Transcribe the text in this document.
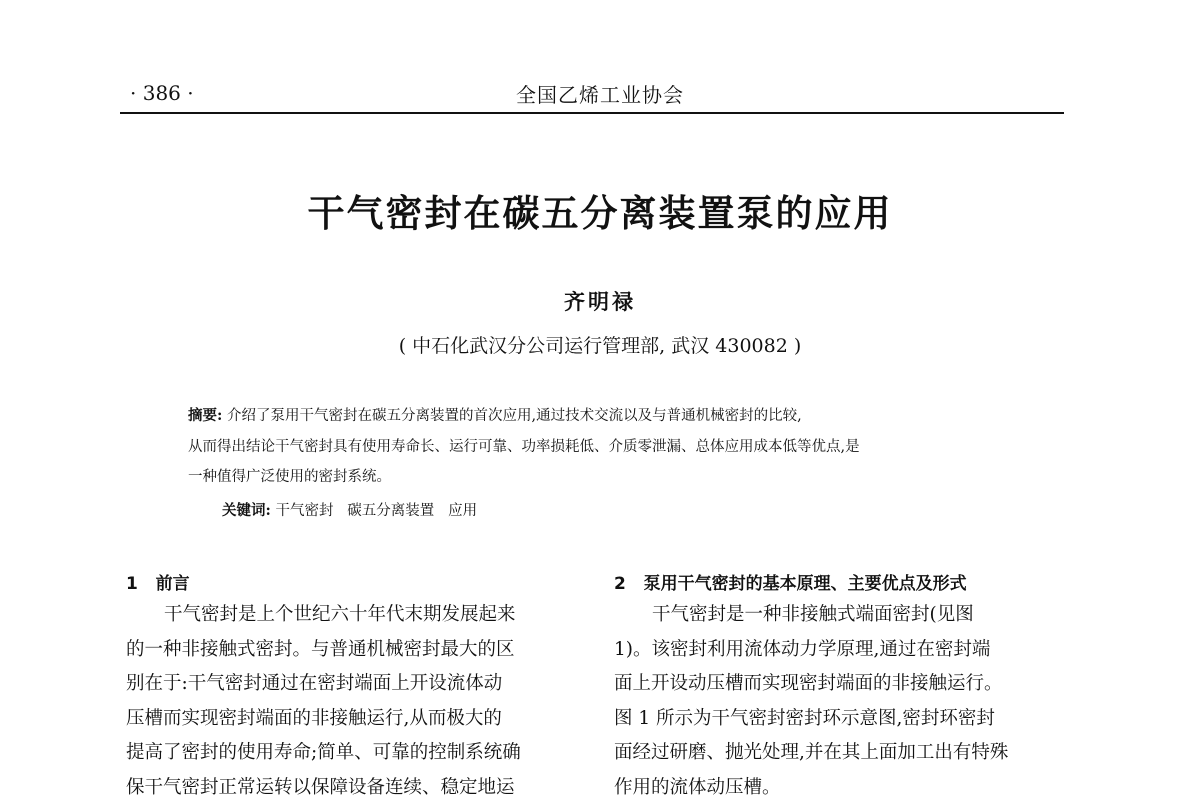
· 386 ·	全国乙烯工业协会
干气密封在碳五分离装置泵的应用
齐明禄
( 中石化武汉分公司运行管理部, 武汉 430082 )

摘要: 介绍了泵用干气密封在碳五分离装置的首次应用,通过技术交流以及与普通机械密封的比较,

从而得出结论干气密封具有使用寿命长、运行可靠、功率损耗低、介质零泄漏、总体应用成本低等优点,是

一种值得广泛使用的密封系统。

关键词: 干气密封   碳五分离装置   应用
1   前言

干气密封是上个世纪六十年代末期发展起来

的一种非接触式密封。与普通机械密封最大的区

别在于:干气密封通过在密封端面上开设流体动

压槽而实现密封端面的非接触运行,从而极大的

提高了密封的使用寿命;简单、可靠的控制系统确

保干气密封正常运转以保障设备连续、稳定地运

2   泵用干气密封的基本原理、主要优点及形式

干气密封是一种非接触式端面密封(见图

1)。该密封利用流体动力学原理,通过在密封端

面上开设动压槽而实现密封端面的非接触运行。

图 1 所示为干气密封密封环示意图,密封环密封

面经过研磨、抛光处理,并在其上面加工出有特殊

作用的流体动压槽。
